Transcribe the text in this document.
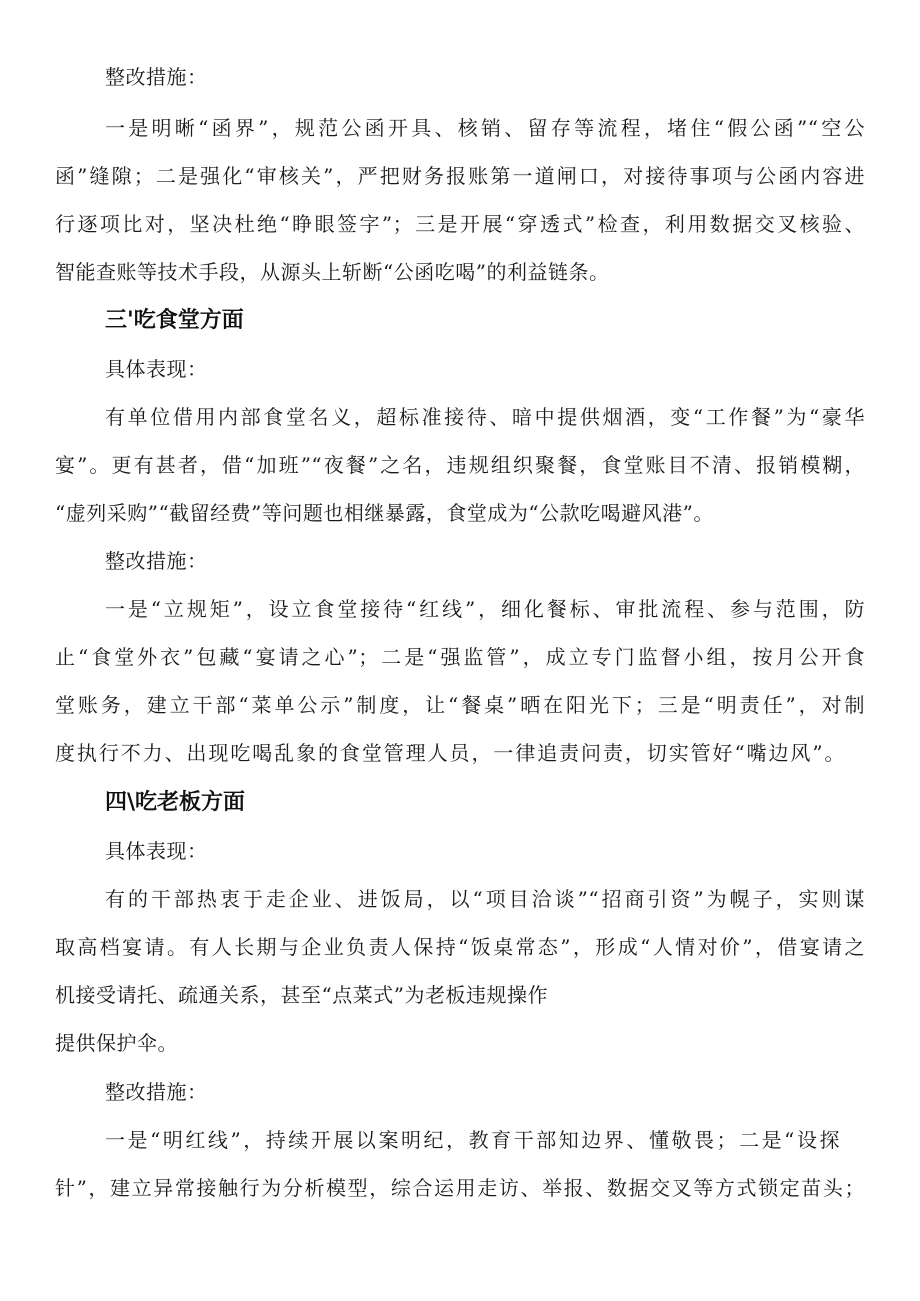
整改措施：
一是明晰“函界”，规范公函开具、核销、留存等流程，堵住“假公函”“空公
函”缝隙；二是强化“审核关”，严把财务报账第一道闸口，对接待事项与公函内容进
行逐项比对，坚决杜绝“睁眼签字”；三是开展“穿透式”检查，利用数据交叉核验、
智能查账等技术手段，从源头上斩断“公函吃喝”的利益链条。
三'吃食堂方面
具体表现：
有单位借用内部食堂名义，超标准接待、暗中提供烟酒，变“工作餐”为“豪华
宴”。更有甚者，借“加班”“夜餐”之名，违规组织聚餐，食堂账目不清、报销模糊，
“虚列采购”“截留经费”等问题也相继暴露，食堂成为“公款吃喝避风港”。
整改措施：
一是“立规矩”，设立食堂接待“红线”，细化餐标、审批流程、参与范围，防
止“食堂外衣”包藏“宴请之心”；二是“强监管”，成立专门监督小组，按月公开食
堂账务，建立干部“菜单公示”制度，让“餐桌”晒在阳光下；三是“明责任”，对制
度执行不力、出现吃喝乱象的食堂管理人员，一律追责问责，切实管好“嘴边风”。
四\吃老板方面
具体表现：
有的干部热衷于走企业、进饭局，以“项目洽谈”“招商引资”为幌子，实则谋
取高档宴请。有人长期与企业负责人保持“饭桌常态”，形成“人情对价”，借宴请之
机接受请托、疏通关系，甚至“点菜式”为老板违规操作
提供保护伞。
整改措施：
一是“明红线”，持续开展以案明纪，教育干部知边界、懂敬畏；二是“设探
针”，建立异常接触行为分析模型，综合运用走访、举报、数据交叉等方式锁定苗头；
